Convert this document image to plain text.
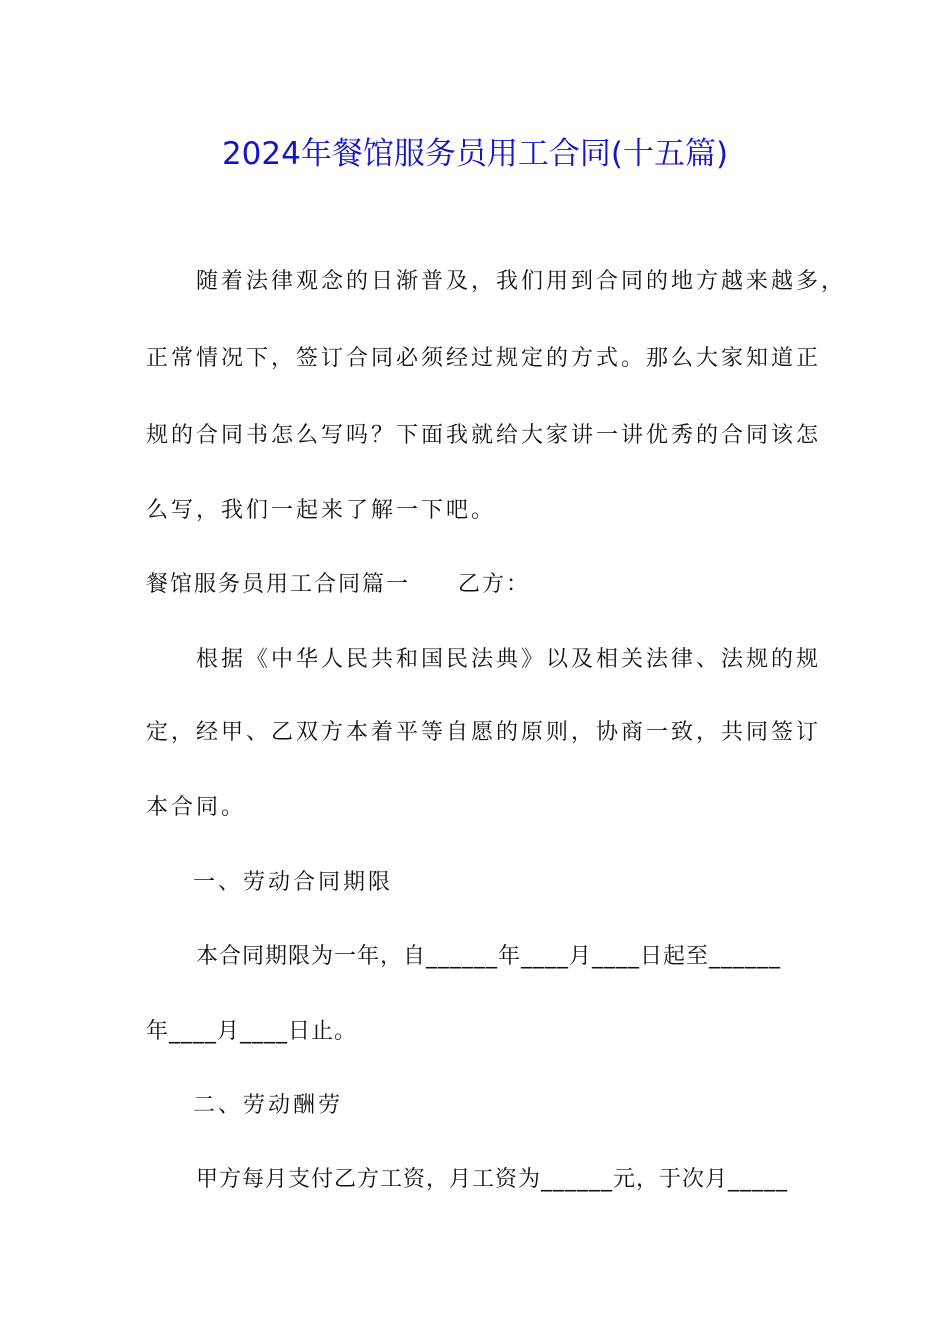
2024年餐馆服务员用工合同(十五篇)
随着法律观念的日渐普及，我们用到合同的地方越来越多，
正常情况下，签订合同必须经过规定的方式。那么大家知道正
规的合同书怎么写吗？下面我就给大家讲一讲优秀的合同该怎
么写，我们一起来了解一下吧。
餐馆服务员用工合同篇一　　乙方：
根据《中华人民共和国民法典》以及相关法律、法规的规
定，经甲、乙双方本着平等自愿的原则，协商一致，共同签订
本合同。
一、劳动合同期限
本合同期限为一年，自______年____月____日起至______
年____月____日止。
二、劳动酬劳
甲方每月支付乙方工资，月工资为______元，于次月_____
